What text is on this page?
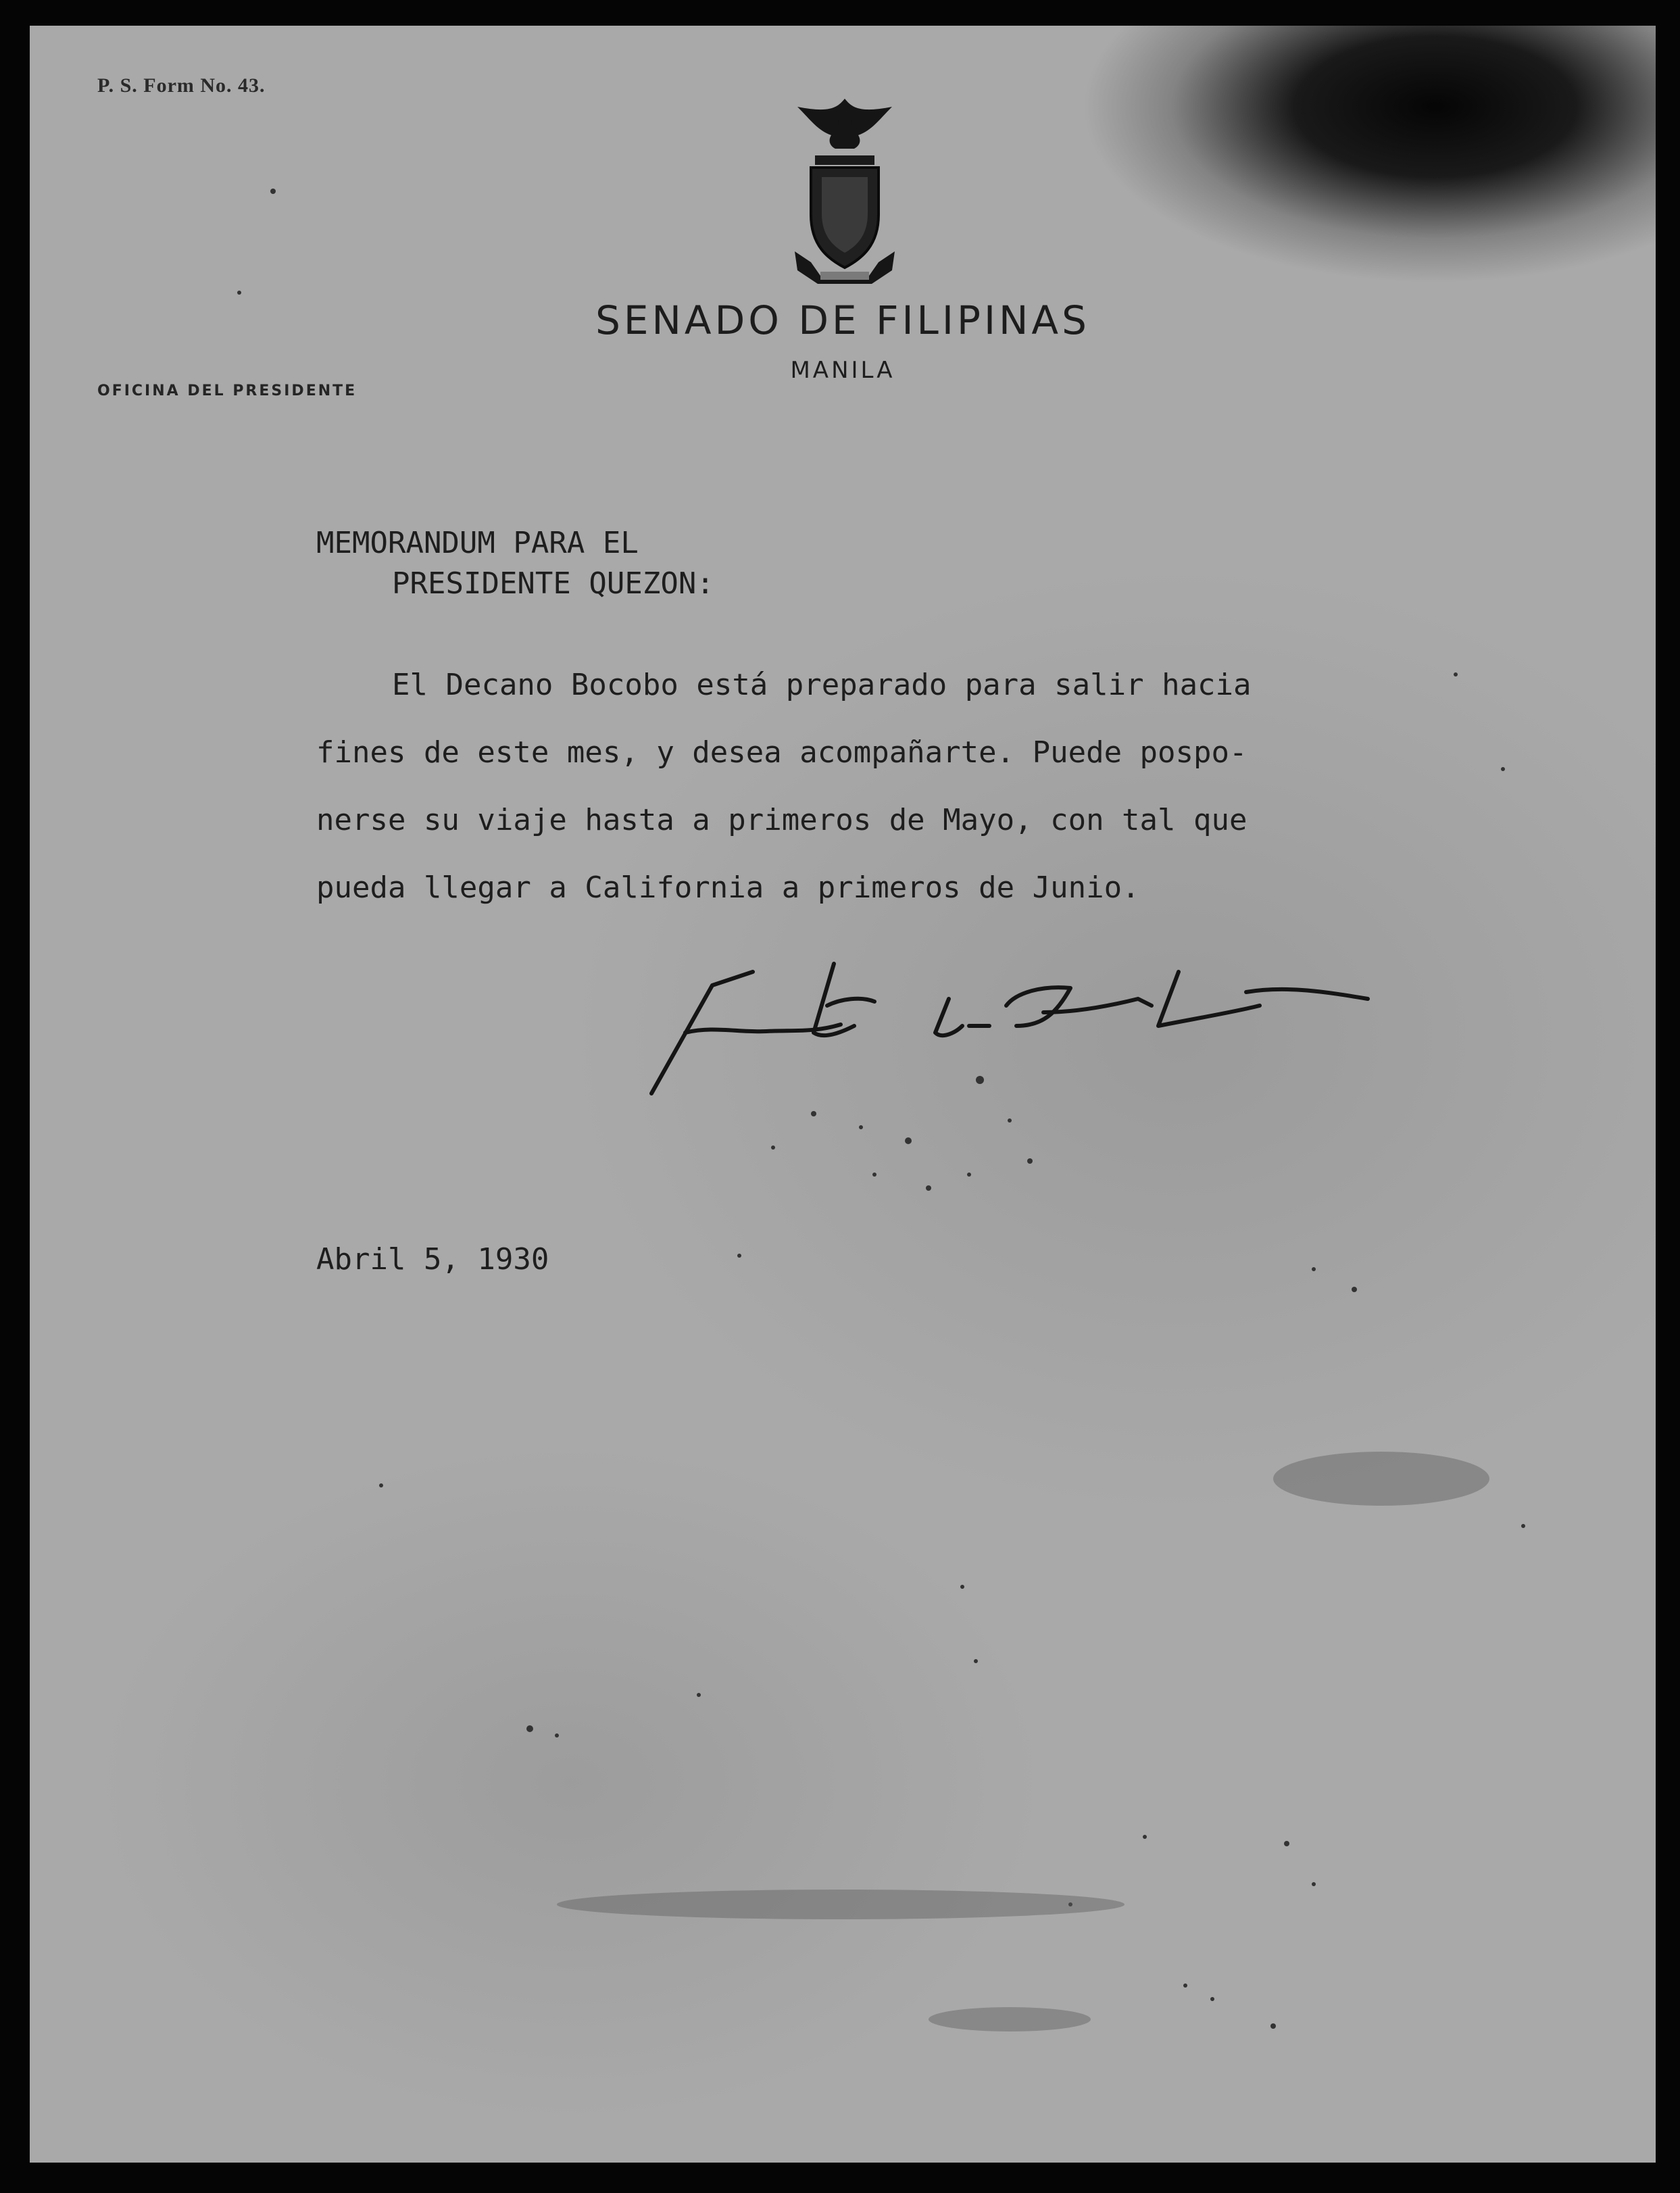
P. S. Form No. 43.
SENADO DE FILIPINAS
MANILA
OFICINA DEL PRESIDENTE
MEMORANDUM PARA EL
PRESIDENTE QUEZON:
El Decano Bocobo está preparado para salir hacia
fines de este mes, y desea acompañarte. Puede pospo-
nerse su viaje hasta a primeros de Mayo, con tal que
pueda llegar a California a primeros de Junio.
Abril 5, 1930
